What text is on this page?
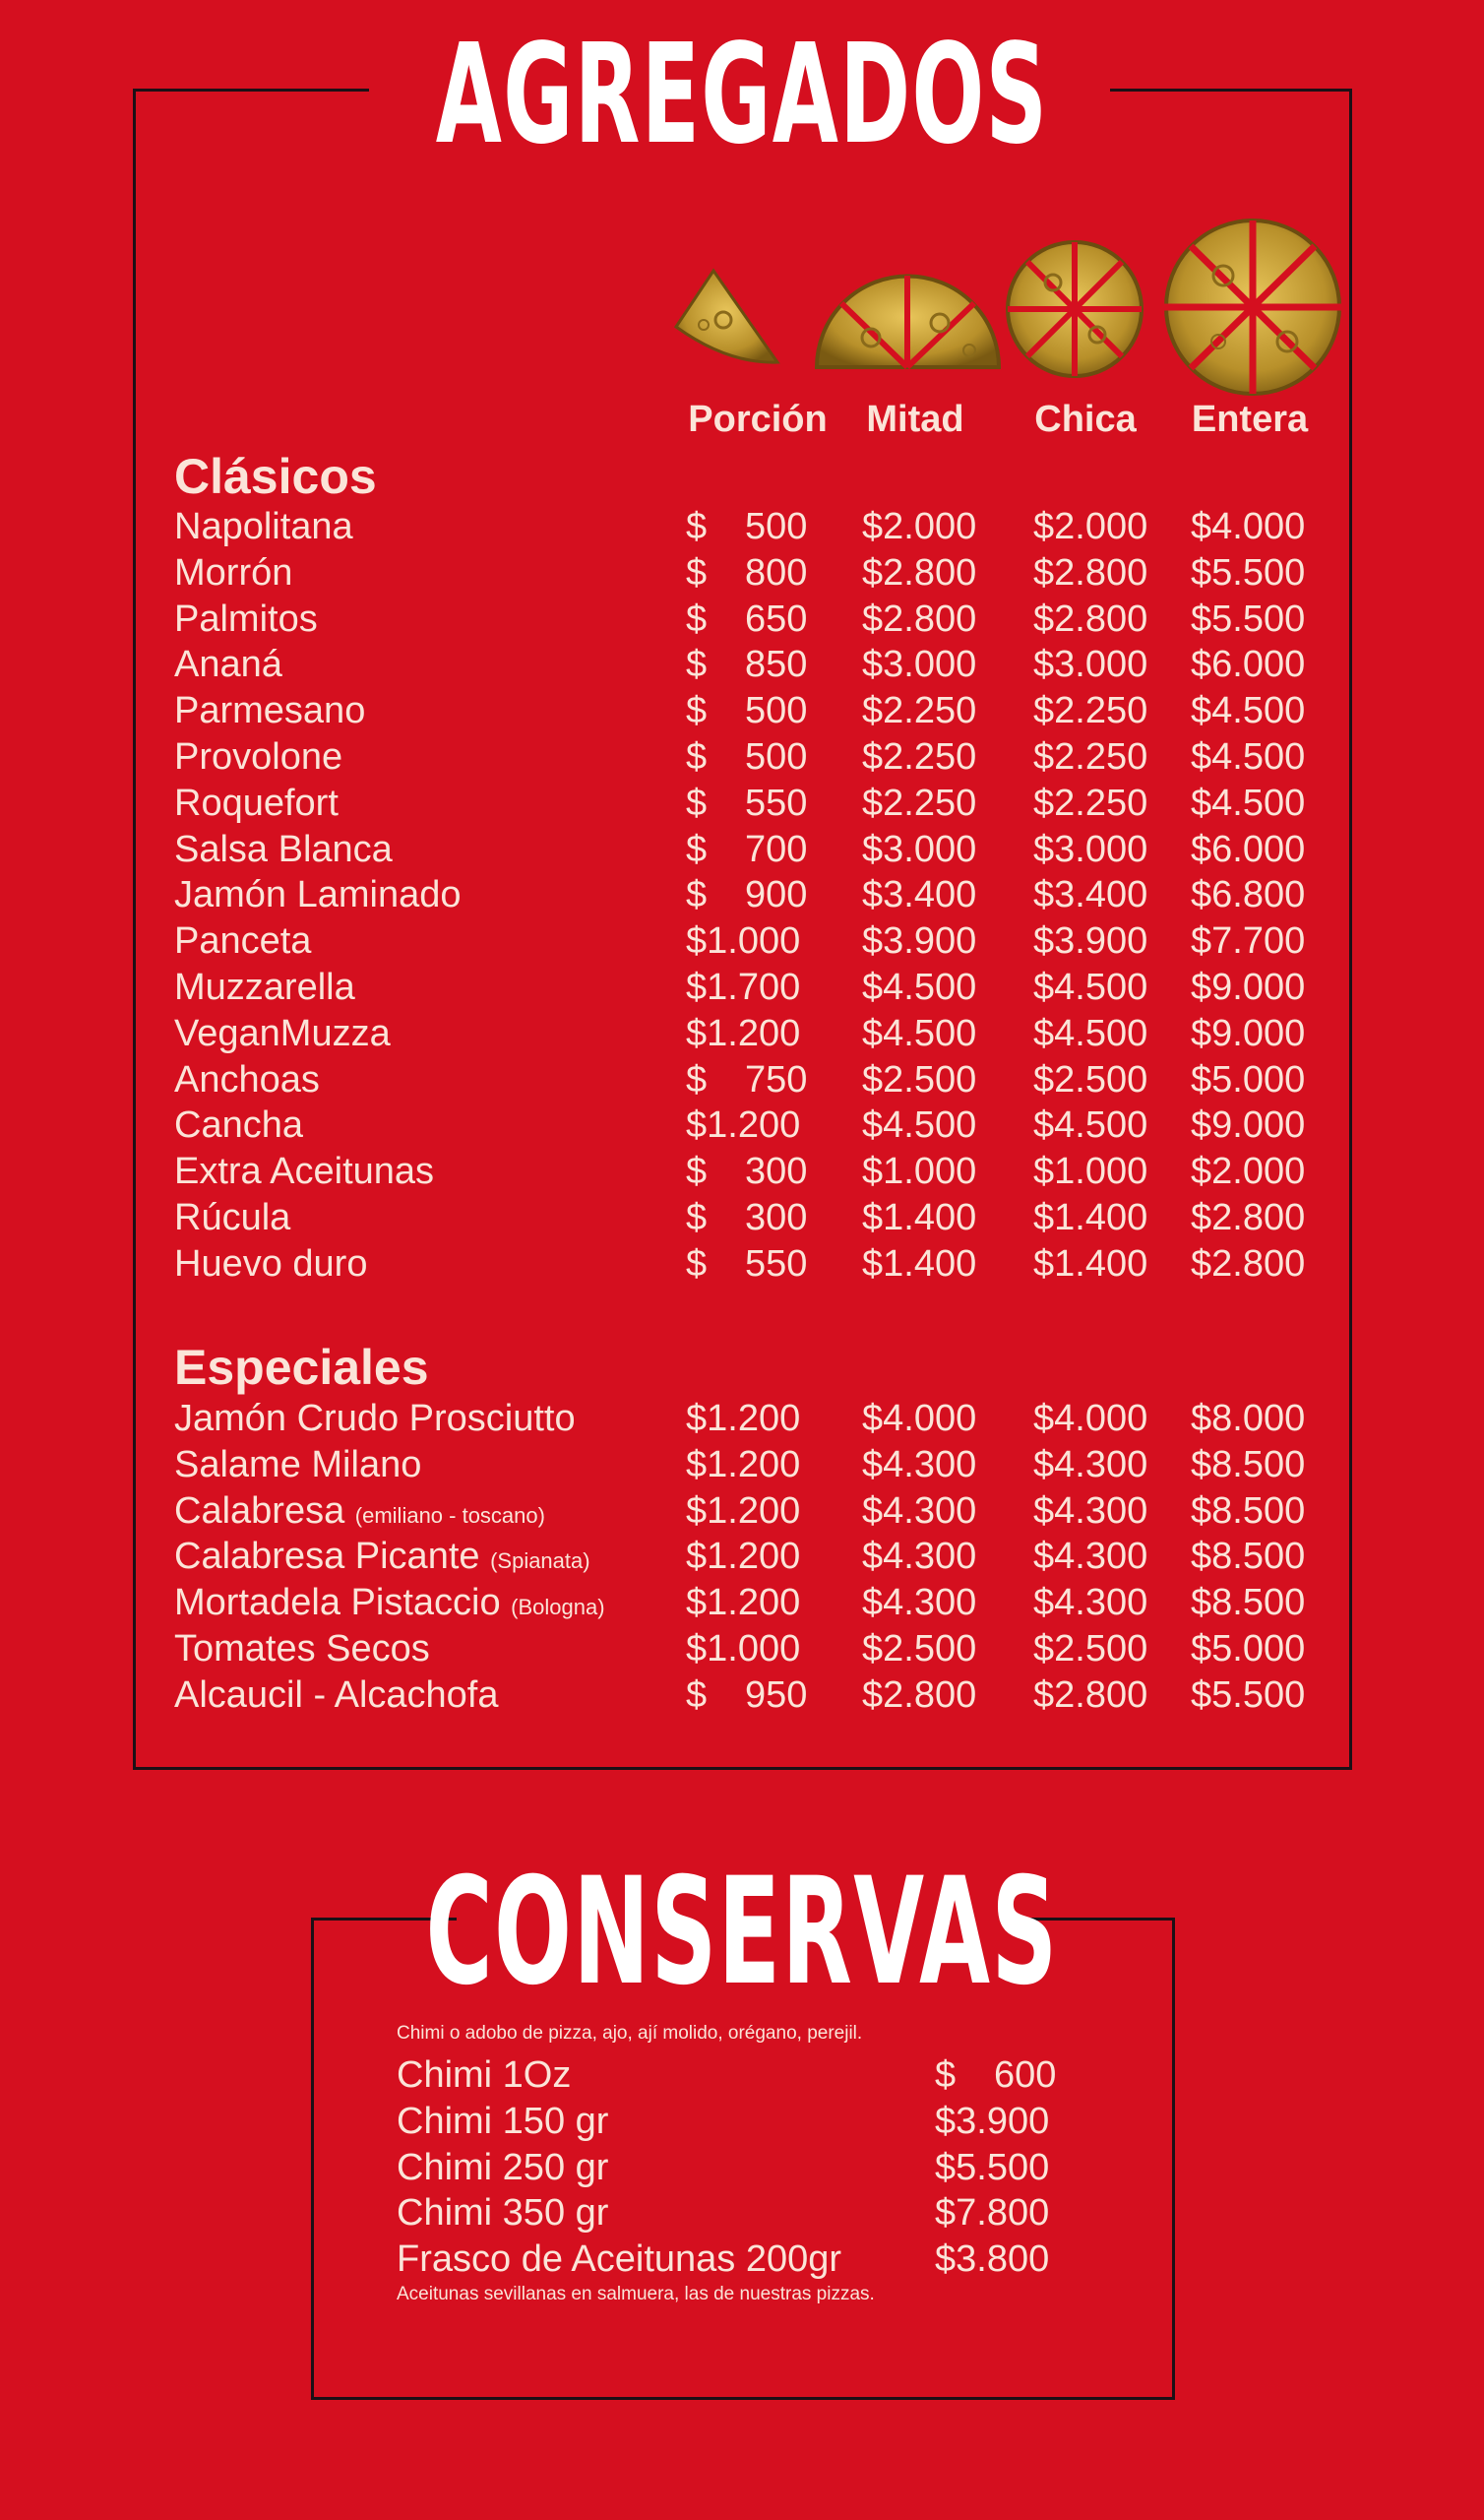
AGREGADOS
Porción	Mitad	Chica	Entera
Clásicos
Especiales
Napolitana	$ 500 $2.000 $2.000 $4.000
Morrón	$ 800 $2.800 $2.800 $5.500
Palmitos	$ 650 $2.800 $2.800 $5.500
Ananá	$ 850 $3.000 $3.000 $6.000
Parmesano	$ 500 $2.250 $2.250 $4.500
Provolone	$ 500 $2.250 $2.250 $4.500
Roquefort	$ 550 $2.250 $2.250 $4.500
Salsa Blanca	$ 700 $3.000 $3.000 $6.000
Jamón Laminado	$ 900 $3.400 $3.400 $6.800
Panceta	$1.000 $3.900 $3.900 $7.700
Muzzarella	$1.700 $4.500 $4.500 $9.000
VeganMuzza	$1.200 $4.500 $4.500 $9.000
Anchoas	$ 750 $2.500 $2.500 $5.000
Cancha	$1.200 $4.500 $4.500 $9.000
Extra Aceitunas	$ 300 $1.000 $1.000 $2.000
Rúcula	$ 300 $1.400 $1.400 $2.800
Huevo duro	$ 550 $1.400 $1.400 $2.800
Jamón Crudo Prosciutto	$1.200 $4.000 $4.000 $8.000
Salame Milano	$1.200 $4.300 $4.300 $8.500
Calabresa (emiliano - toscano)	$1.200 $4.300 $4.300 $8.500
Calabresa Picante (Spianata)	$1.200 $4.300 $4.300 $8.500
Mortadela Pistaccio (Bologna) $1.200 $4.300 $4.300 $8.500
Tomates Secos	$1.000 $2.500 $2.500 $5.000
Alcaucil - Alcachofa	$ 950 $2.800 $2.800 $5.500
CONSERVAS
Chimi o adobo de pizza, ajo, ají molido, orégano, perejil.
Chimi 1Oz	$ 600
Chimi 150 gr	$3.900
Chimi 250 gr	$5.500
Chimi 350 gr	$7.800
Frasco de Aceitunas 200gr $3.800
Aceitunas sevillanas en salmuera, las de nuestras pizzas.
